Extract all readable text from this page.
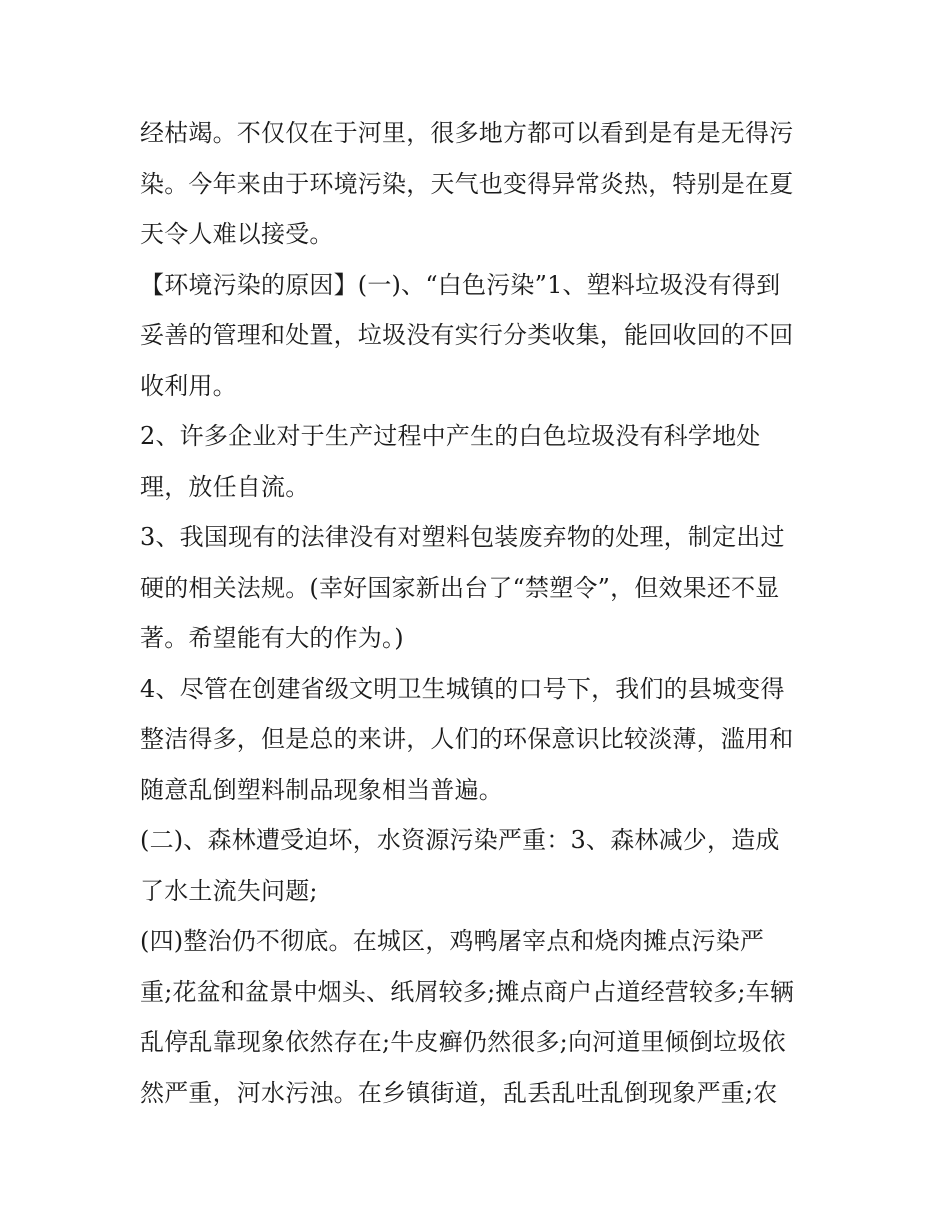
经枯竭。不仅仅在于河里，很多地方都可以看到是有是无得污
染。今年来由于环境污染，天气也变得异常炎热，特别是在夏
天令人难以接受。

【环境污染的原因】(一)、“白色污染”1、塑料垃圾没有得到
妥善的管理和处置，垃圾没有实行分类收集，能回收回的不回
收利用。

2、许多企业对于生产过程中产生的白色垃圾没有科学地处
理，放任自流。

3、我国现有的法律没有对塑料包装废弃物的处理，制定出过
硬的相关法规。(幸好国家新出台了“禁塑令”，但效果还不显
著。希望能有大的作为。)

4、尽管在创建省级文明卫生城镇的口号下，我们的县城变得
整洁得多，但是总的来讲，人们的环保意识比较淡薄，滥用和
随意乱倒塑料制品现象相当普遍。

(二)、森林遭受迫坏，水资源污染严重：3、森林减少，造成
了水土流失问题;

(四)整治仍不彻底。在城区，鸡鸭屠宰点和烧肉摊点污染严
重;花盆和盆景中烟头、纸屑较多;摊点商户占道经营较多;车辆
乱停乱靠现象依然存在;牛皮癣仍然很多;向河道里倾倒垃圾依
然严重，河水污浊。在乡镇街道，乱丢乱吐乱倒现象严重;农
